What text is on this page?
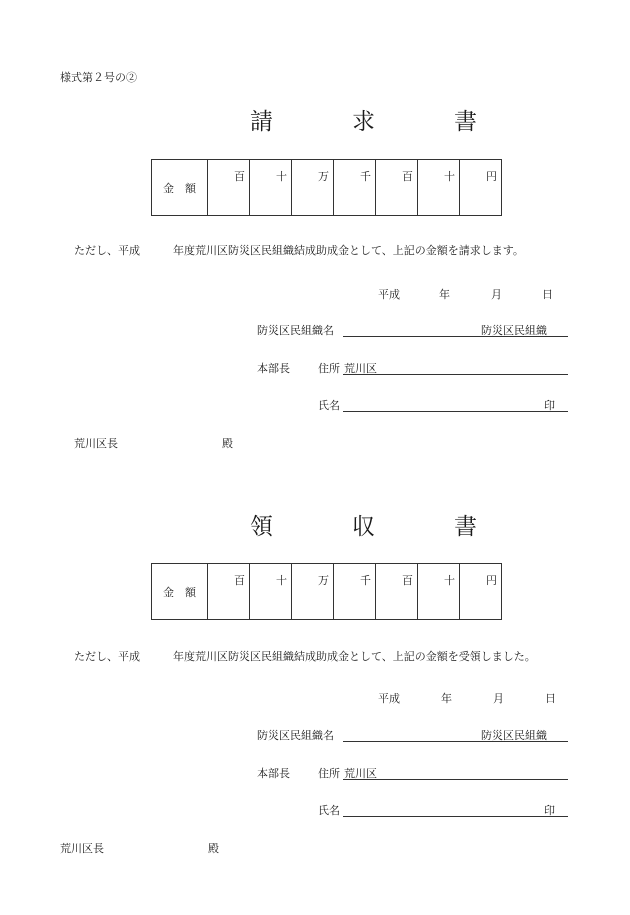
様式第２号の②
請　求　書
金　額	
百	十	万	千	百	十	円
ただし、平成	年度荒川区防災区民組織結成助成金として、上記の金額を請求します。
平成	年	月	日
防災区民組織名	防災区民組織
本部長	住所 荒川区
氏名	印
荒川区長	殿
領　収　書
金　額	
百	十	万	千	百	十	円
ただし、平成	年度荒川区防災区民組織結成助成金として、上記の金額を受領しました。
平成	年	月	日
防災区民組織名	防災区民組織
本部長	住所 荒川区
氏名	印
荒川区長	殿
